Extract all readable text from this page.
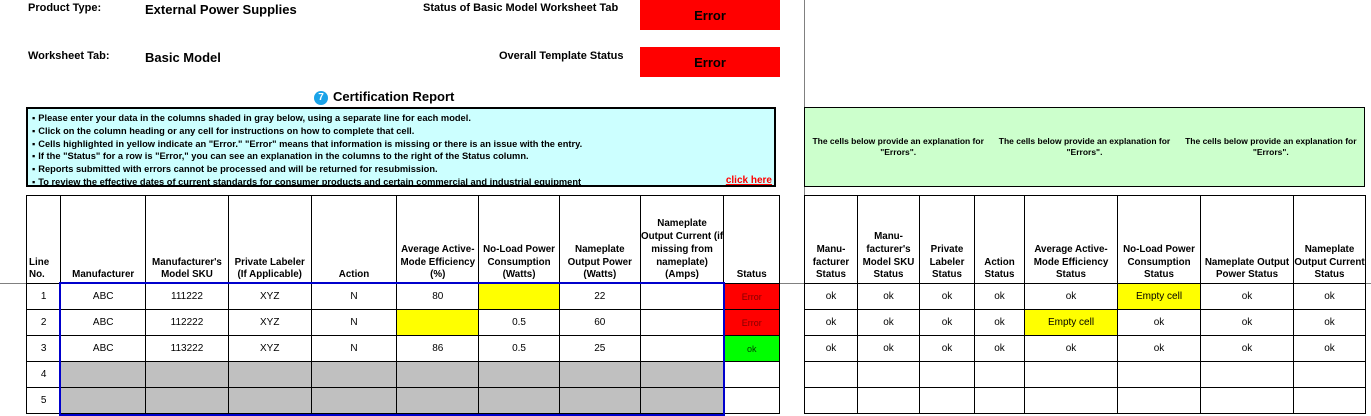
Product Type:	External Power Supplies	Status of Basic Model Worksheet Tab	Error
Worksheet Tab:	Basic Model	Overall Template Status	Error
7 Certification Report
▪ Please enter your data in the columns shaded in gray below, using a separate line for each model.
▪ Click on the column heading or any cell for instructions on how to complete that cell.
▪ Cells highlighted in yellow indicate an "Error." "Error" means that information is missing or there is an issue with the entry.
▪ If the "Status" for a row is "Error," you can see an explanation in the columns to the right of the Status column.
▪ Reports submitted with errors cannot be processed and will be returned for resubmission.
▪ To review the effective dates of current standards for consumer products and certain commercial and industrial equipment	click here
The cells below provide an explanation for "Errors".
The cells below provide an explanation for "Errors".
The cells below provide an explanation for "Errors".
Line No.	Manufacturer	Manufacturer's Model SKU	Private Labeler (If Applicable)	Action	Average Active-Mode Efficiency (%)	No-Load Power Consumption (Watts)	Nameplate Output Power (Watts)	Nameplate Output Current (if missing from nameplate) (Amps)	Status
1	ABC	111222	XYZ	N	80		22		Error
2	ABC	112222	XYZ	N		0.5	60		Error
3	ABC	113222	XYZ	N	86	0.5	25		ok
4									
5									
Manu-facturer Status	Manu-facturer's Model SKU Status	Private Labeler Status	Action Status	Average Active-Mode Efficiency Status	No-Load Power Consumption Status	Nameplate Output Power Status	Nameplate Output Current Status
ok	ok	ok	ok	ok	Empty cell	ok	ok
ok	ok	ok	ok	Empty cell	ok	ok	ok
ok	ok	ok	ok	ok	ok	ok	ok
